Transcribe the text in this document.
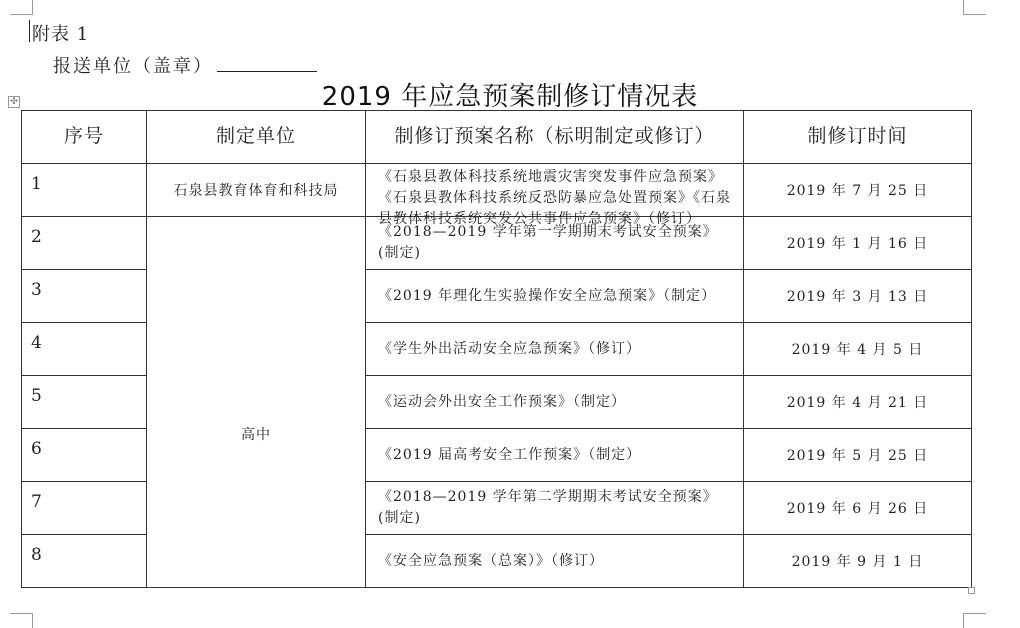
附表 1
报送单位（盖章）
2019 年应急预案制修订情况表
✣
序号	制定单位	制修订预案名称（标明制定或修订）	制修订时间
1	石泉县教育体育和科技局	《石泉县教体科技系统地震灾害突发事件应急预案》《石泉县教体科技系统反恐防暴应急处置预案》《石泉县教体科技系统突发公共事件应急预案》（修订）	2019 年 7 月 25 日
2	高中	《2018—2019 学年第一学期期末考试安全预案》(制定)	2019 年 1 月 16 日
3		《2019 年理化生实验操作安全应急预案》（制定）	2019 年 3 月 13 日
4		《学生外出活动安全应急预案》（修订）	2019 年 4 月 5 日
5		《运动会外出安全工作预案》（制定）	2019 年 4 月 21 日
6		《2019 届高考安全工作预案》（制定）	2019 年 5 月 25 日
7		《2018—2019 学年第二学期期末考试安全预案》(制定)	2019 年 6 月 26 日
8		《安全应急预案（总案）》（修订）	2019 年 9 月 1 日
